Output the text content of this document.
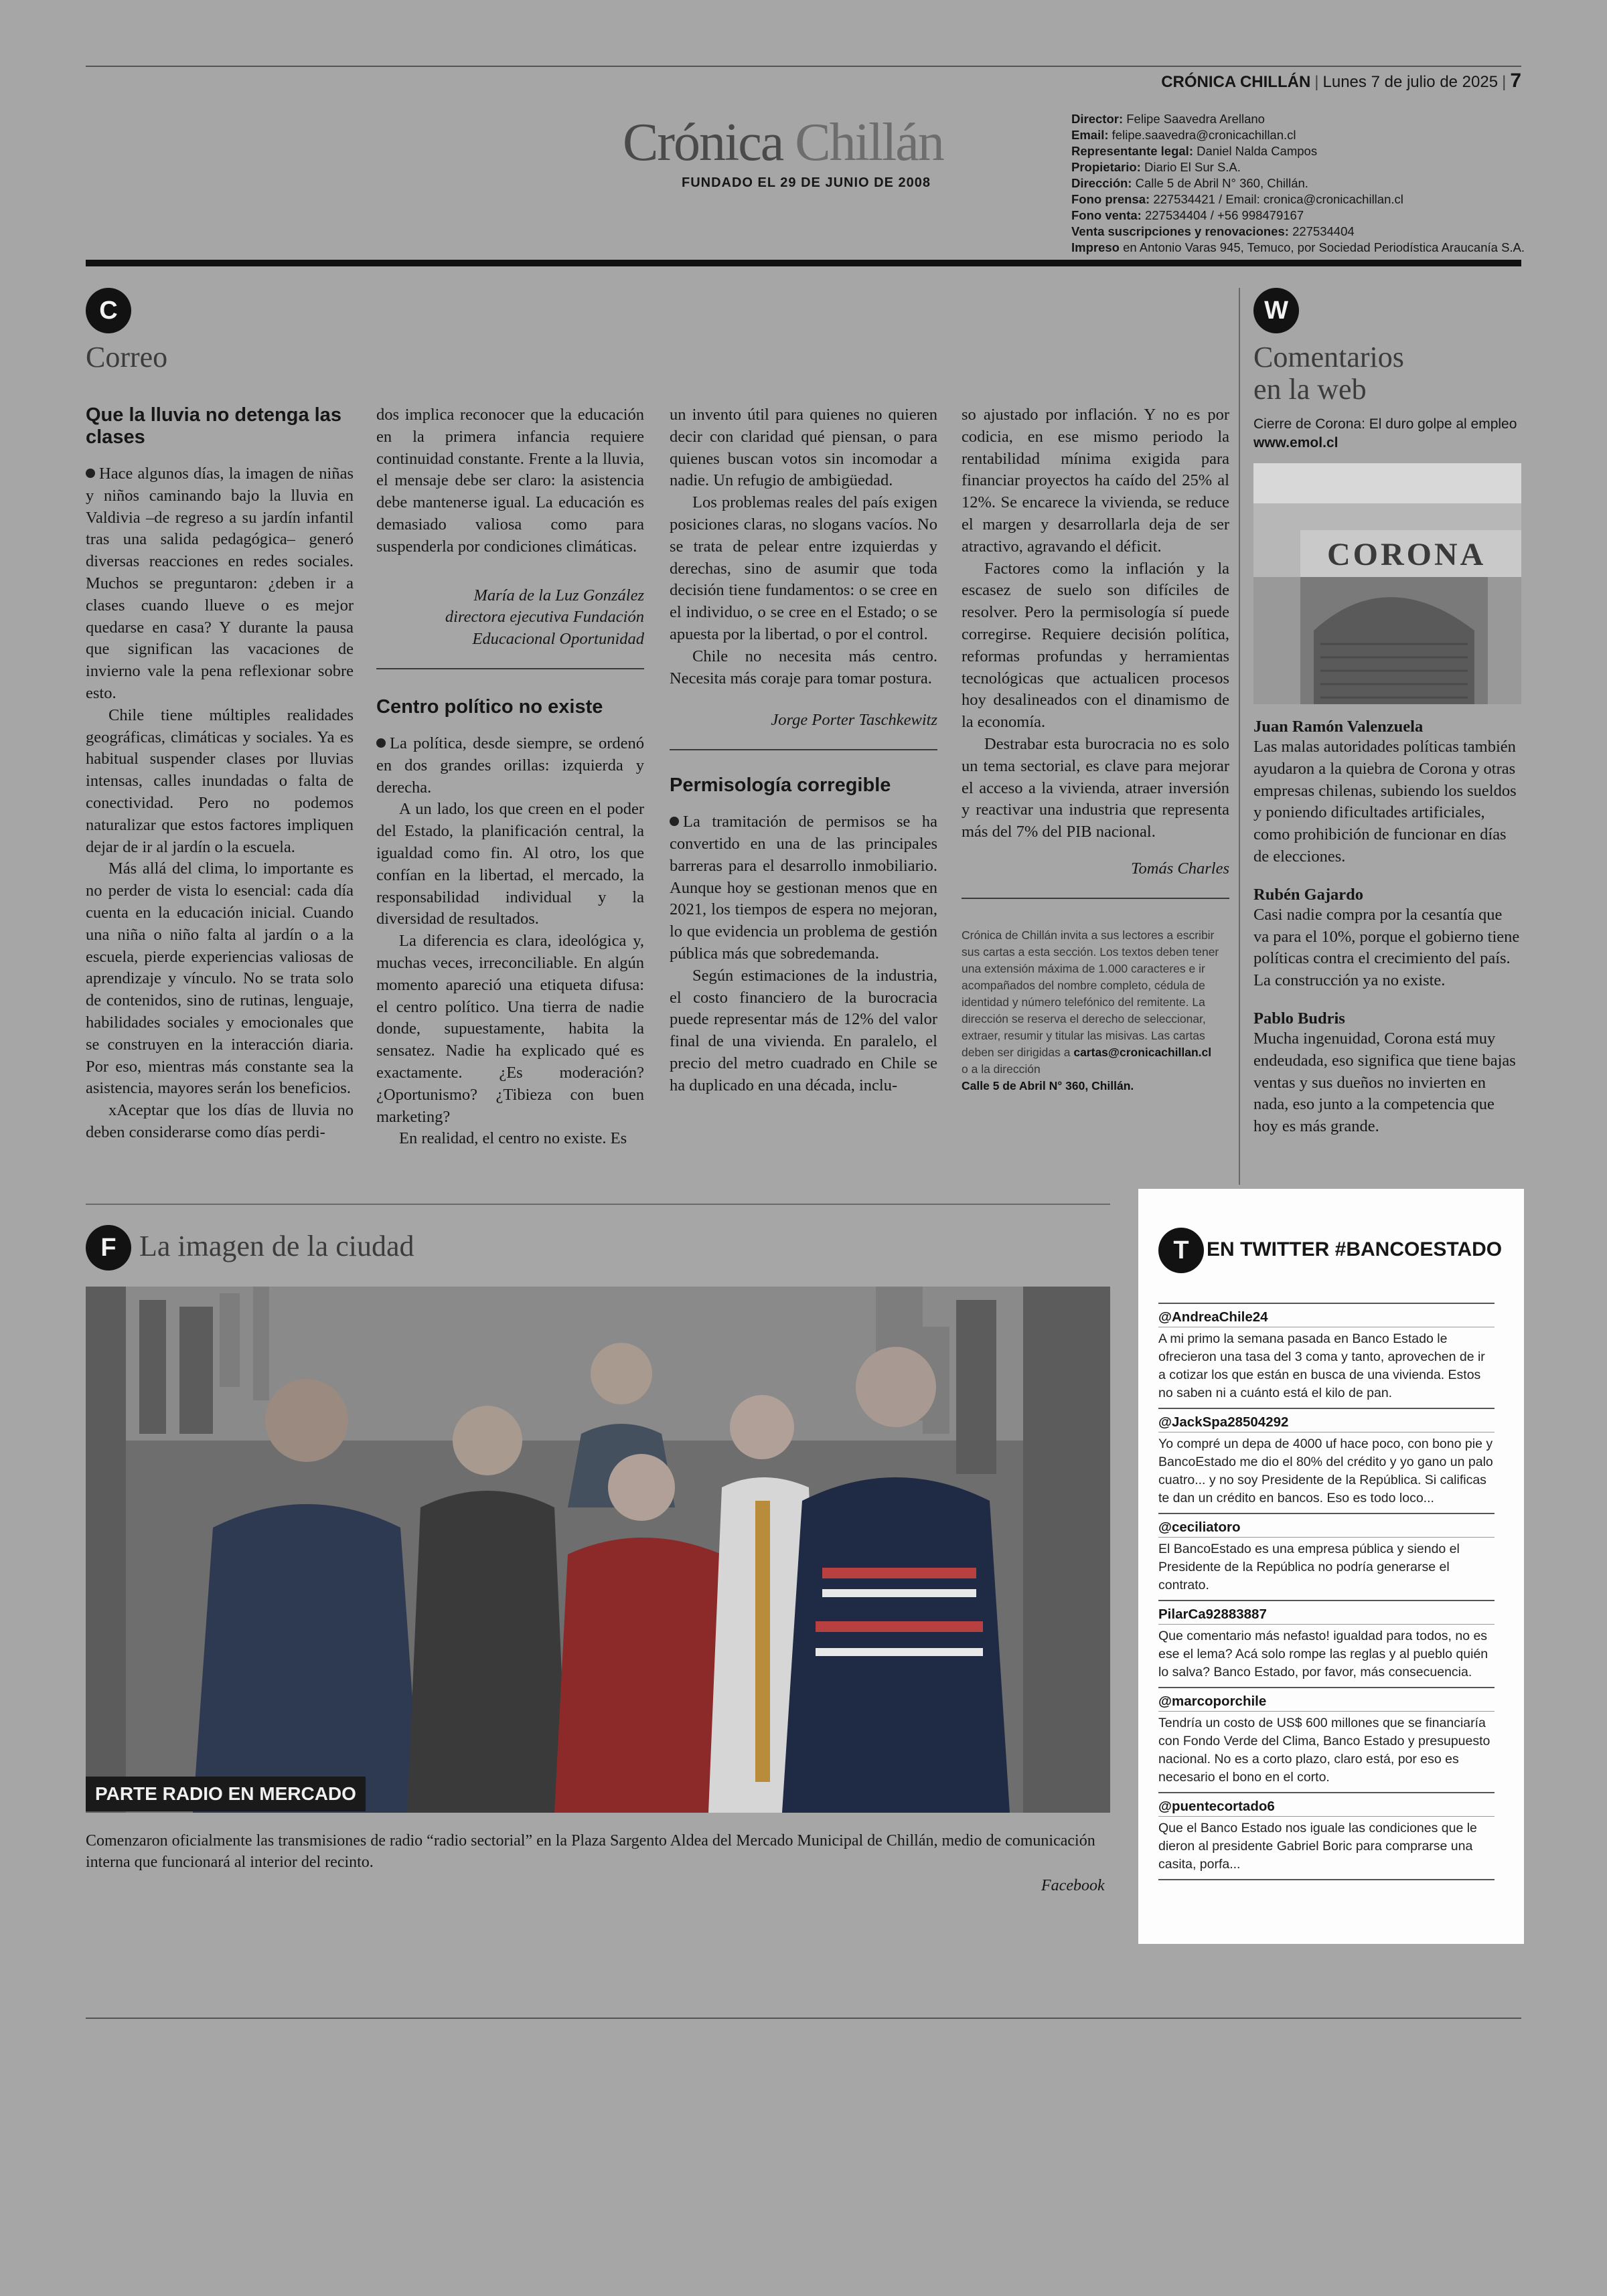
CRÓNICA CHILLÁN | Lunes 7 de julio de 2025 | 7
Crónica Chillán
FUNDADO EL 29 DE JUNIO DE 2008
Director: Felipe Saavedra Arellano
Email: felipe.saavedra@cronicachillan.cl
Representante legal: Daniel Nalda Campos
Propietario: Diario El Sur S.A.
Dirección: Calle 5 de Abril N° 360, Chillán.
Fono prensa: 227534421 / Email: cronica@cronicachillan.cl
Fono venta: 227534404 / +56 998479167
Venta suscripciones y renovaciones: 227534404
Impreso en Antonio Varas 945, Temuco, por Sociedad Periodística Araucanía S.A.
C
Correo
Que la lluvia no detenga las clases

Hace algunos días, la imagen de niñas y niños caminando bajo la lluvia en Valdivia –de regreso a su jardín infantil tras una salida pedagógica– generó diversas reacciones en redes sociales. Muchos se preguntaron: ¿deben ir a clases cuando llueve o es mejor quedarse en casa? Y durante la pausa que significan las vacaciones de invierno vale la pena reflexionar sobre esto.

Chile tiene múltiples realidades geográficas, climáticas y sociales. Ya es habitual suspender clases por lluvias intensas, calles inundadas o falta de conectividad. Pero no podemos naturalizar que estos factores impliquen dejar de ir al jardín o la escuela.

Más allá del clima, lo importante es no perder de vista lo esencial: cada día cuenta en la educación inicial. Cuando una niña o niño falta al jardín o a la escuela, pierde experiencias valiosas de aprendizaje y vínculo. No se trata solo de contenidos, sino de rutinas, lenguaje, habilidades sociales y emocionales que se construyen en la interacción diaria. Por eso, mientras más constante sea la asistencia, mayores serán los beneficios.

xAceptar que los días de lluvia no deben considerarse como días perdi-

dos implica reconocer que la educación en la primera infancia requiere continuidad constante. Frente a la lluvia, el mensaje debe ser claro: la asistencia debe mantenerse igual. La educación es demasiado valiosa como para suspenderla por condiciones climáticas.

María de la Luz González

directora ejecutiva Fundación Educacional Oportunidad

Centro político no existe

La política, desde siempre, se ordenó en dos grandes orillas: izquierda y derecha.

A un lado, los que creen en el poder del Estado, la planificación central, la igualdad como fin. Al otro, los que confían en la libertad, el mercado, la responsabilidad individual y la diversidad de resultados.

La diferencia es clara, ideológica y, muchas veces, irreconciliable. En algún momento apareció una etiqueta difusa: el centro político. Una tierra de nadie donde, supuestamente, habita la sensatez. Nadie ha explicado qué es exactamente. ¿Es moderación? ¿Oportunismo? ¿Tibieza con buen marketing?

En realidad, el centro no existe. Es

un invento útil para quienes no quieren decir con claridad qué piensan, o para quienes buscan votos sin incomodar a nadie. Un refugio de ambigüedad.

Los problemas reales del país exigen posiciones claras, no slogans vacíos. No se trata de pelear entre izquierdas y derechas, sino de asumir que toda decisión tiene fundamentos: o se cree en el individuo, o se cree en el Estado; o se apuesta por la libertad, o por el control.

Chile no necesita más centro. Necesita más coraje para tomar postura.

Jorge Porter Taschkewitz

Permisología corregible

La tramitación de permisos se ha convertido en una de las principales barreras para el desarrollo inmobiliario. Aunque hoy se gestionan menos que en 2021, los tiempos de espera no mejoran, lo que evidencia un problema de gestión pública más que sobredemanda.

Según estimaciones de la industria, el costo financiero de la burocracia puede representar más de 12% del valor final de una vivienda. En paralelo, el precio del metro cuadrado en Chile se ha duplicado en una década, inclu-

so ajustado por inflación. Y no es por codicia, en ese mismo periodo la rentabilidad mínima exigida para financiar proyectos ha caído del 25% al 12%. Se encarece la vivienda, se reduce el margen y desarrollarla deja de ser atractivo, agravando el déficit.

Factores como la inflación y la escasez de suelo son difíciles de resolver. Pero la permisología sí puede corregirse. Requiere decisión política, reformas profundas y herramientas tecnológicas que actualicen procesos hoy desalineados con el dinamismo de la economía.

Destrabar esta burocracia no es solo un tema sectorial, es clave para mejorar el acceso a la vivienda, atraer inversión y reactivar una industria que representa más del 7% del PIB nacional.

Tomás Charles

Crónica de Chillán invita a sus lectores a escribir sus cartas a esta sección. Los textos deben tener una extensión máxima de 1.000 caracteres e ir acompañados del nombre completo, cédula de identidad y número telefónico del remitente. La dirección se reserva el derecho de seleccionar, extraer, resumir y titular las misivas. Las cartas deben ser dirigidas a cartas@cronicachillan.cl
o a la dirección
Calle 5 de Abril N° 360, Chillán.

W
Comentarios
en la web
Cierre de Corona: El duro golpe al empleo
www.emol.cl
CORONA
Juan Ramón Valenzuela
Las malas autoridades políticas también ayudaron a la quiebra de Corona y otras empresas chilenas, subiendo los sueldos y poniendo dificultades artificiales, como prohibición de funcionar en días de elecciones.
Rubén Gajardo
Casi nadie compra por la cesantía que va para el 10%, porque el gobierno tiene políticas contra el crecimiento del país. La construcción ya no existe.
Pablo Budris
Mucha ingenuidad, Corona está muy endeudada, eso significa que tiene bajas ventas y sus dueños no invierten en nada, eso junto a la competencia que hoy es más grande.
F La imagen de la ciudad
PARTE RADIO EN MERCADO
Comenzaron oficialmente las transmisiones de radio “radio sectorial” en la Plaza Sargento Aldea del Mercado Municipal de Chillán, medio de comunicación interna que funcionará al interior del recinto.
Facebook
T EN TWITTER #BANCOESTADO
@AndreaChile24
A mi primo la semana pasada en Banco Estado le ofrecieron una tasa del 3 coma y tanto, aprovechen de ir a cotizar los que están en busca de una vivienda. Estos no saben ni a cuánto está el kilo de pan.
@JackSpa28504292
Yo compré un depa de 4000 uf hace poco, con bono pie y BancoEstado me dio el 80% del crédito y yo gano un palo cuatro... y no soy Presidente de la República. Si calificas te dan un crédito en bancos. Eso es todo loco...
@ceciliatoro
El BancoEstado es una empresa pública y siendo el Presidente de la República no podría generarse el contrato.
PilarCa92883887
Que comentario más nefasto! igualdad para todos, no es ese el lema? Acá solo rompe las reglas y al pueblo quién lo salva? Banco Estado, por favor, más consecuencia.
@marcoporchile
Tendría un costo de US$ 600 millones que se financiaría con Fondo Verde del Clima, Banco Estado y presupuesto nacional. No es a corto plazo, claro está, por eso es necesario el bono en el corto.
@puentecortado6
Que el Banco Estado nos iguale las condiciones que le dieron al presidente Gabriel Boric para comprarse una casita, porfa...
